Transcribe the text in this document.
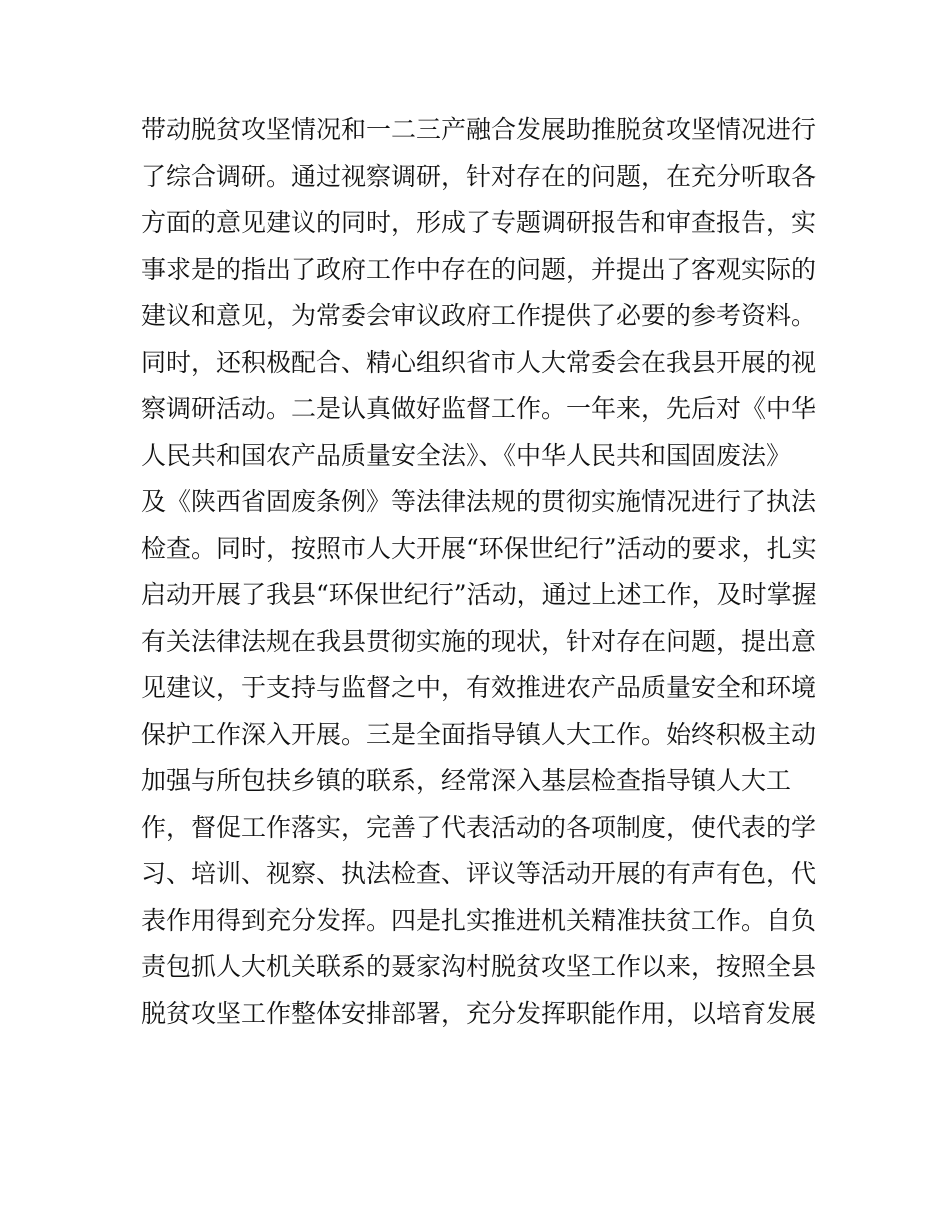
带动脱贫攻坚情况和一二三产融合发展助推脱贫攻坚情况进行
了综合调研。通过视察调研，针对存在的问题，在充分听取各
方面的意见建议的同时，形成了专题调研报告和审查报告，实
事求是的指出了政府工作中存在的问题，并提出了客观实际的
建议和意见，为常委会审议政府工作提供了必要的参考资料。
同时，还积极配合、精心组织省市人大常委会在我县开展的视
察调研活动。二是认真做好监督工作。一年来，先后对《中华
人民共和国农产品质量安全法》、《中华人民共和国固废法》
及《陕西省固废条例》等法律法规的贯彻实施情况进行了执法
检查。同时，按照市人大开展“环保世纪行”活动的要求，扎实
启动开展了我县“环保世纪行”活动，通过上述工作，及时掌握
有关法律法规在我县贯彻实施的现状，针对存在问题，提出意
见建议，于支持与监督之中，有效推进农产品质量安全和环境
保护工作深入开展。三是全面指导镇人大工作。始终积极主动
加强与所包扶乡镇的联系，经常深入基层检查指导镇人大工
作，督促工作落实，完善了代表活动的各项制度，使代表的学
习、培训、视察、执法检查、评议等活动开展的有声有色，代
表作用得到充分发挥。四是扎实推进机关精准扶贫工作。自负
责包抓人大机关联系的聂家沟村脱贫攻坚工作以来，按照全县
脱贫攻坚工作整体安排部署，充分发挥职能作用，以培育发展
